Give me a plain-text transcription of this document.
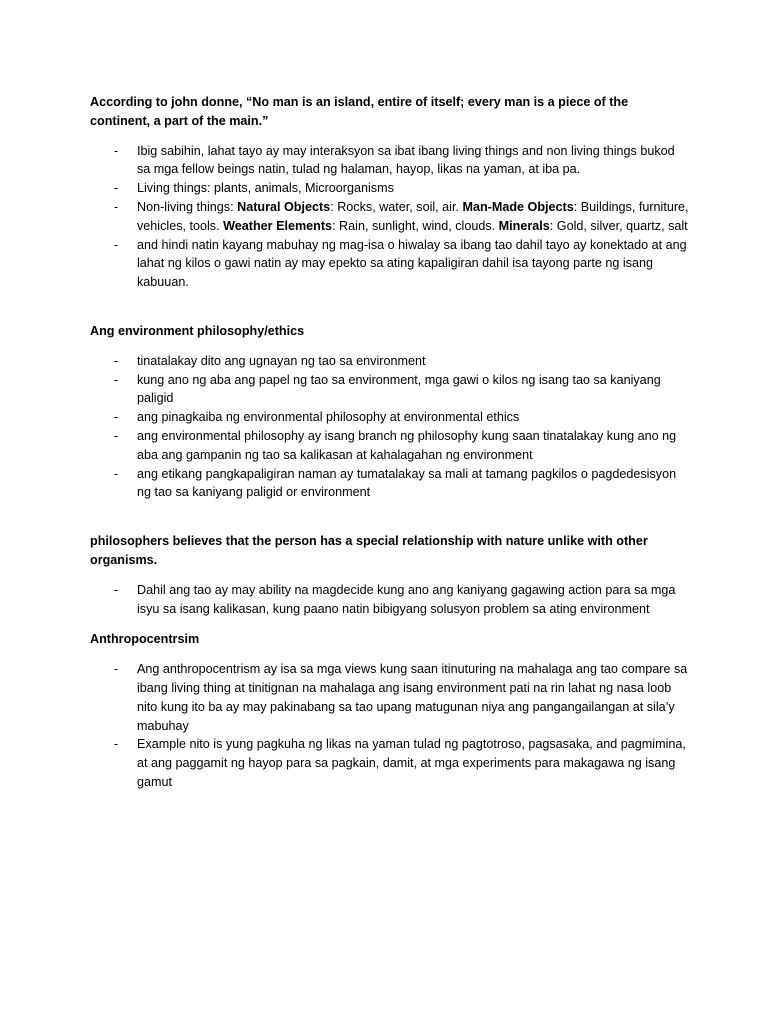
According to john donne, “No man is an island, entire of itself; every man is a piece of the continent, a part of the main.”

- Ibig sabihin, lahat tayo ay may interaksyon sa ibat ibang living things and non living things bukod sa mga fellow beings natin, tulad ng halaman, hayop, likas na yaman, at iba pa.
- Living things: plants, animals, Microorganisms
- Non-living things: Natural Objects: Rocks, water, soil, air. Man-Made Objects: Buildings, furniture, vehicles, tools. Weather Elements: Rain, sunlight, wind, clouds. Minerals: Gold, silver, quartz, salt
- and hindi natin kayang mabuhay ng mag-isa o hiwalay sa ibang tao dahil tayo ay konektado at ang lahat ng kilos o gawi natin ay may epekto sa ating kapaligiran dahil isa tayong parte ng isang kabuuan.

Ang environment philosophy/ethics

- tinatalakay dito ang ugnayan ng tao sa environment
- kung ano ng aba ang papel ng tao sa environment, mga gawi o kilos ng isang tao sa kaniyang paligid
- ang pinagkaiba ng environmental philosophy at environmental ethics
- ang environmental philosophy ay isang branch ng philosophy kung saan tinatalakay kung ano ng aba ang gampanin ng tao sa kalikasan at kahalagahan ng environment
- ang etikang pangkapaligiran naman ay tumatalakay sa mali at tamang pagkilos o pagdedesisyon ng tao sa kaniyang paligid or environment

philosophers believes that the person has a special relationship with nature unlike with other organisms.

- Dahil ang tao ay may ability na magdecide kung ano ang kaniyang gagawing action para sa mga isyu sa isang kalikasan, kung paano natin bibigyang solusyon problem sa ating environment

Anthropocentrsim

- Ang anthropocentrism ay isa sa mga views kung saan itinuturing na mahalaga ang tao compare sa ibang living thing at tinitignan na mahalaga ang isang environment pati na rin lahat ng nasa loob nito kung ito ba ay may pakinabang sa tao upang matugunan niya ang pangangailangan at sila’y mabuhay
- Example nito is yung pagkuha ng likas na yaman tulad ng pagtotroso, pagsasaka, and pagmimina, at ang paggamit ng hayop para sa pagkain, damit, at mga experiments para makagawa ng isang gamut
